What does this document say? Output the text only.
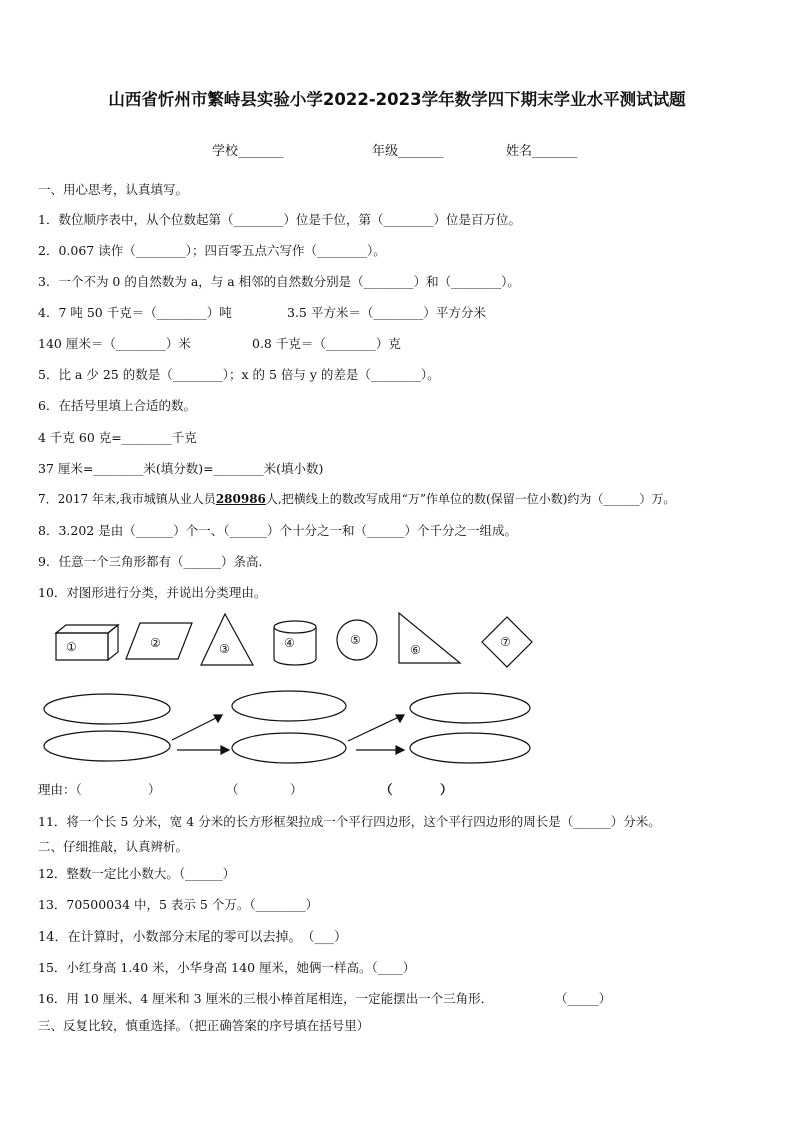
山西省忻州市繁峙县实验小学2022-2023学年数学四下期末学业水平测试试题
学校_______	年级_______	姓名_______
一、用心思考，认真填写。
1．数位顺序表中，从个位数起第（________）位是千位，第（________）位是百万位。
2．0.067 读作（________）；四百零五点六写作（________）。
3．一个不为 0 的自然数为 a，与 a 相邻的自然数分别是（________）和（________）。
4．7 吨 50 千克＝（________）吨	3.5 平方米＝（________）平方分米
140 厘米＝（________）米	0.8 千克＝（________）克
5．比 a 少 25 的数是（________）；x 的 5 倍与 y 的差是（________）。
6．在括号里填上合适的数。
4 千克 60 克=________千克
37 厘米=________米(填分数)=________米(填小数)
7．2017 年末,我市城镇从业人员280986人,把横线上的数改写成用“万”作单位的数(保留一位小数)约为（______）万。
8．3.202 是由（______）个一、（______）个十分之一和（______）个千分之一组成。
9．任意一个三角形都有（______）条高.
10．对图形进行分类，并说出分类理由。
①	②	③	④	⑤
⑥
⑦
理由：（	）	（	）	（	）
11．将一个长 5 分米，宽 4 分米的长方形框架拉成一个平行四边形，这个平行四边形的周长是（______）分米。
二、仔细推敲，认真辨析。
12．整数一定比小数大。（______）
13．70500034 中，5 表示 5 个万。（________）
14．在计算时，小数部分末尾的零可以去掉。　（___）
15．小红身高 1.40 米，小华身高 140 厘米，她俩一样高。（____）
16．用 10 厘米、4 厘米和 3 厘米的三根小棒首尾相连，一定能摆出一个三角形．	（_____）
三、反复比较，慎重选择。（把正确答案的序号填在括号里）
